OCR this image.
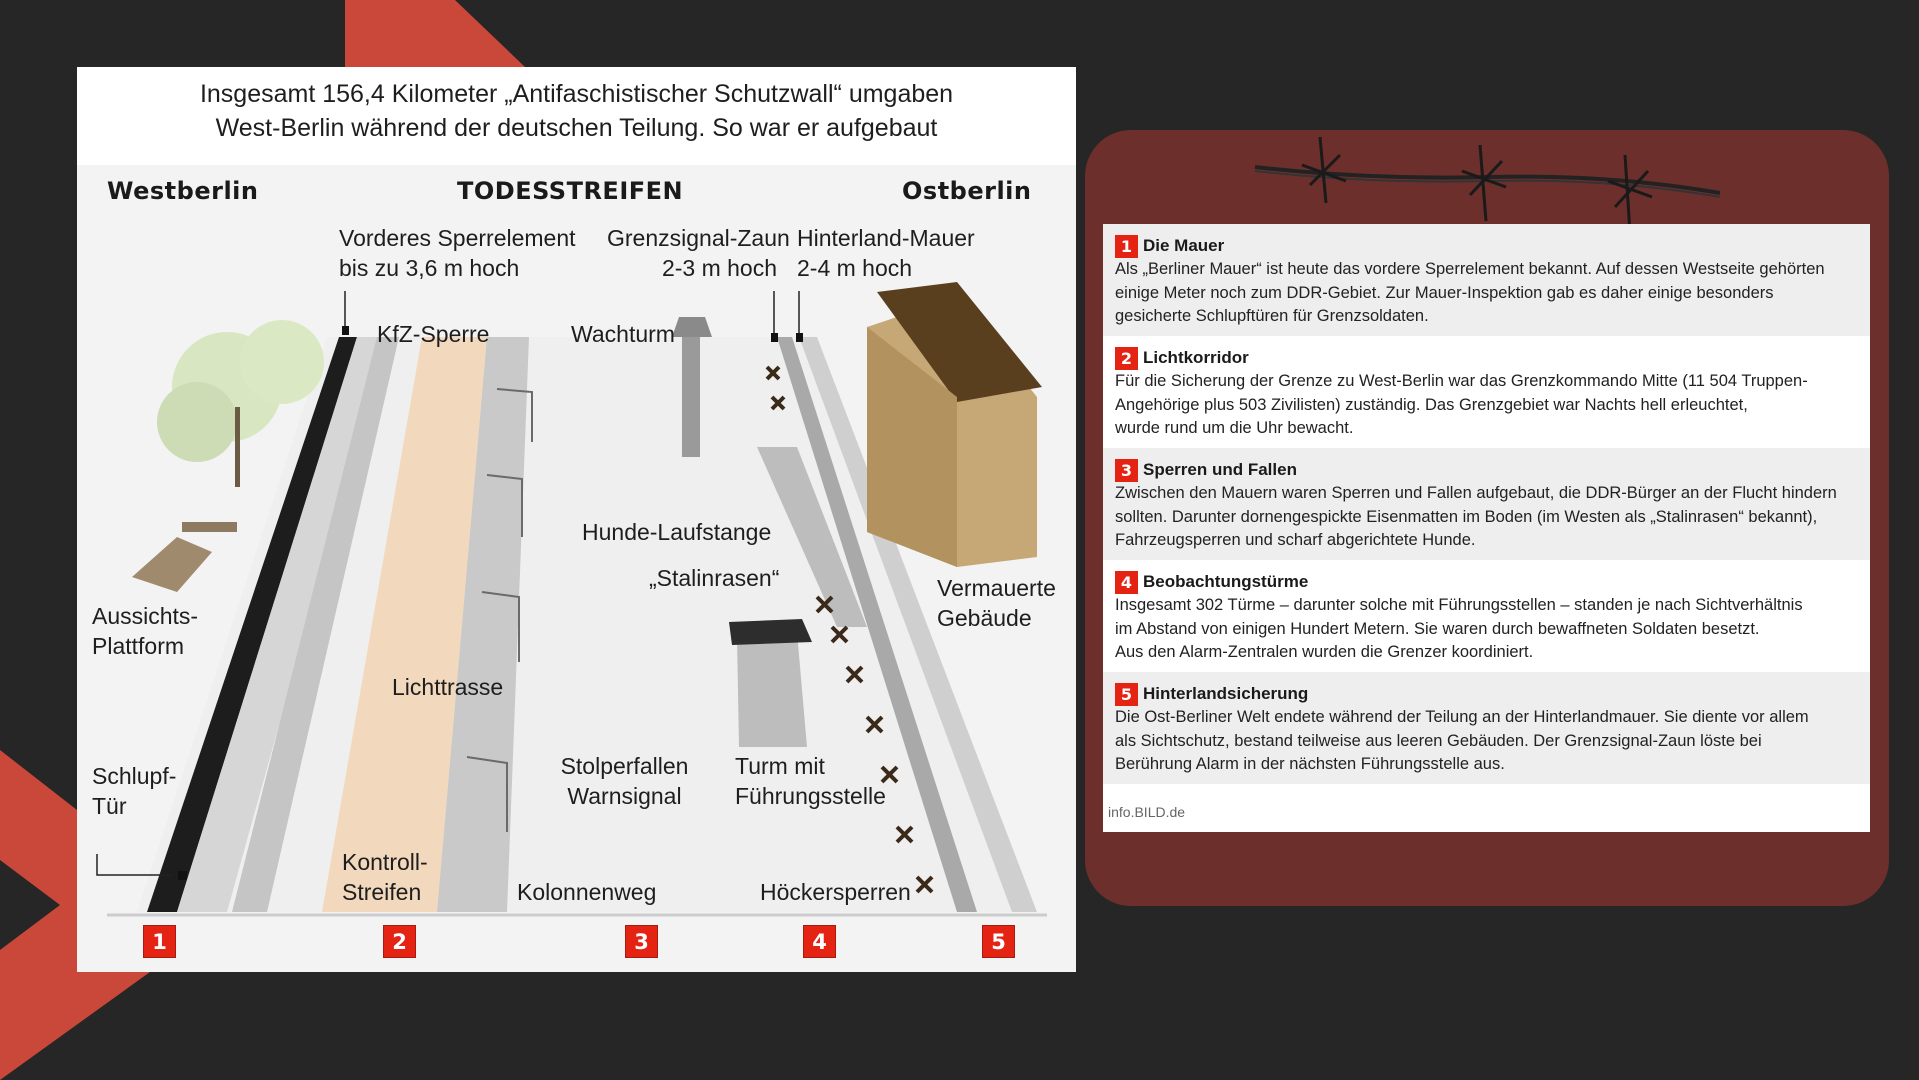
Insgesamt 156,4 Kilometer „Antifaschistischer Schutzwall“ umgaben
West-Berlin während der deutschen Teilung. So war er aufgebaut
Westberlin	TODESSTREIFEN	Ostberlin
Vorderes Sperrelement
bis zu 3,6 m hoch
Grenzsignal-Zaun
2-3 m hoch
Hinterland-Mauer
2-4 m hoch
KfZ-Sperre	Wachturm
Hunde-Laufstange
„Stalinrasen“
Aussichts-
Plattform
Vermauerte
Gebäude
Lichttrasse
Schlupf-
Tür
Stolperfallen
Warnsignal
Turm mit
Führungsstelle
Kontroll-
Streifen	Kolonnenweg	Höckersperren
1	2	3	4	5
1 Die Mauer
Als „Berliner Mauer“ ist heute das vordere Sperrelement bekannt. Auf dessen Westseite gehörten
einige Meter noch zum DDR-Gebiet. Zur Mauer-Inspektion gab es daher einige besonders
gesicherte Schlupftüren für Grenzsoldaten.
2 Lichtkorridor
Für die Sicherung der Grenze zu West-Berlin war das Grenzkommando Mitte (11 504 Truppen-
Angehörige plus 503 Zivilisten) zuständig. Das Grenzgebiet war Nachts hell erleuchtet,
wurde rund um die Uhr bewacht.
3 Sperren und Fallen
Zwischen den Mauern waren Sperren und Fallen aufgebaut, die DDR-Bürger an der Flucht hindern
sollten. Darunter dornengespickte Eisenmatten im Boden (im Westen als „Stalinrasen“ bekannt),
Fahrzeugsperren und scharf abgerichtete Hunde.
4 Beobachtungstürme
Insgesamt 302 Türme – darunter solche mit Führungsstellen – standen je nach Sichtverhältnis
im Abstand von einigen Hundert Metern. Sie waren durch bewaffneten Soldaten besetzt.
Aus den Alarm-Zentralen wurden die Grenzer koordiniert.
5 Hinterlandsicherung
Die Ost-Berliner Welt endete während der Teilung an der Hinterlandmauer. Sie diente vor allem
als Sichtschutz, bestand teilweise aus leeren Gebäuden. Der Grenzsignal-Zaun löste bei
Berührung Alarm in der nächsten Führungsstelle aus.
info.BILD.de
